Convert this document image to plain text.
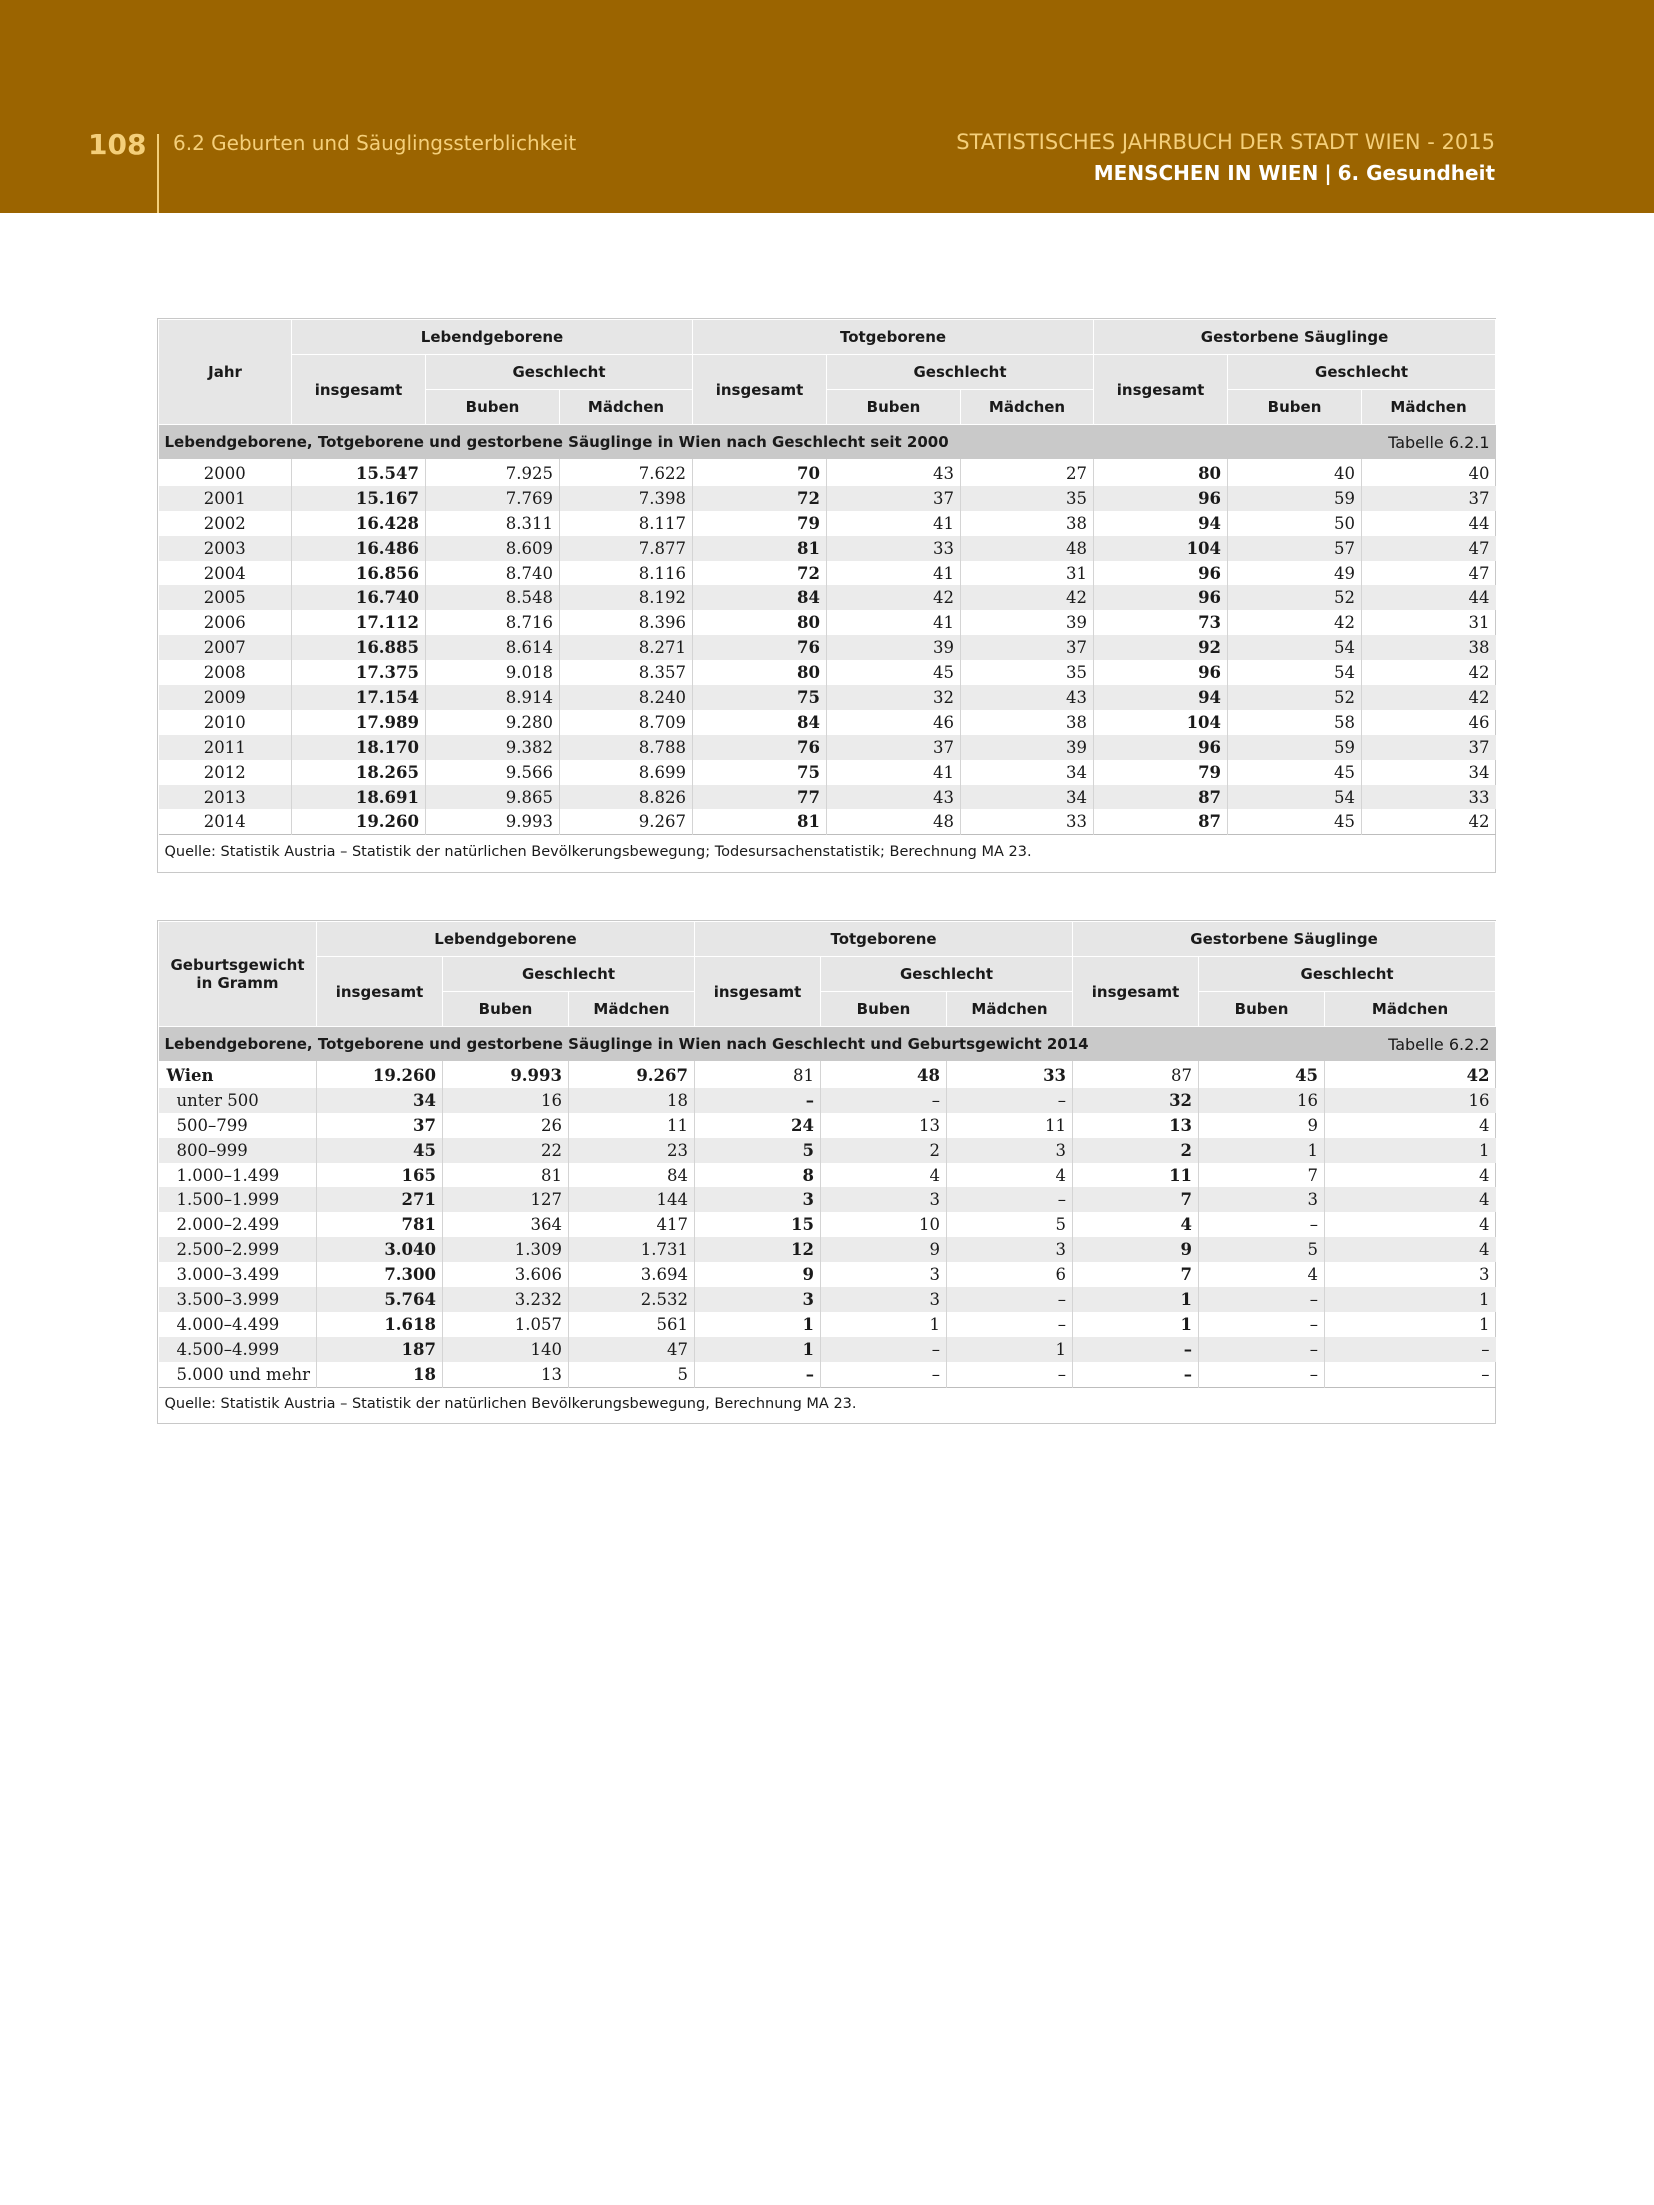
108 6.2 Geburten und Säuglingssterblichkeit	STATISTISCHES JAHRBUCH DER STADT WIEN - 2015
MENSCHEN IN WIEN | 6. Gesundheit
Lebendgeborene, Totgeborene und gestorbene Säuglinge in Wien nach Geschlecht seit 2000								Tabelle 6.2.1	
Jahr	Lebendgeborene			Totgeborene			Gestorbene Säuglinge		
	insgesamt	Geschlecht		insgesamt	Geschlecht		insgesamt	Geschlecht	
		Buben	Mädchen		Buben	Mädchen		Buben	Mädchen
2000	15.547	7.925	7.622	70	43	27	80	40	40
2001	15.167	7.769	7.398	72	37	35	96	59	37
2002	16.428	8.311	8.117	79	41	38	94	50	44
2003	16.486	8.609	7.877	81	33	48	104	57	47
2004	16.856	8.740	8.116	72	41	31	96	49	47
2005	16.740	8.548	8.192	84	42	42	96	52	44
2006	17.112	8.716	8.396	80	41	39	73	42	31
2007	16.885	8.614	8.271	76	39	37	92	54	38
2008	17.375	9.018	8.357	80	45	35	96	54	42
2009	17.154	8.914	8.240	75	32	43	94	52	42
2010	17.989	9.280	8.709	84	46	38	104	58	46
2011	18.170	9.382	8.788	76	37	39	96	59	37
2012	18.265	9.566	8.699	75	41	34	79	45	34
2013	18.691	9.865	8.826	77	43	34	87	54	33
2014	19.260	9.993	9.267	81	48	33	87	45	42
Quelle: Statistik Austria – Statistik der natürlichen Bevölkerungsbewegung; Todesursachenstatistik; Berechnung MA 23.									
Lebendgeborene, Totgeborene und gestorbene Säuglinge in Wien nach Geschlecht und Geburtsgewicht 2014								Tabelle 6.2.2	

Geburtsgewicht
in Gramm	Lebendgeborene			Totgeborene			Gestorbene Säuglinge		
	insgesamt	Geschlecht		insgesamt	Geschlecht		insgesamt	Geschlecht	
		Buben	Mädchen		Buben	Mädchen		Buben	Mädchen
Wien	19.260	9.993	9.267	81	48	33	87	45	42
unter 500	34	16	18	–	–	–	32	16	16
500–799	37	26	11	24	13	11	13	9	4
800–999	45	22	23	5	2	3	2	1	1
1.000–1.499	165	81	84	8	4	4	11	7	4
1.500–1.999	271	127	144	3	3	–	7	3	4
2.000–2.499	781	364	417	15	10	5	4	–	4
2.500–2.999	3.040	1.309	1.731	12	9	3	9	5	4
3.000–3.499	7.300	3.606	3.694	9	3	6	7	4	3
3.500–3.999	5.764	3.232	2.532	3	3	–	1	–	1
4.000–4.499	1.618	1.057	561	1	1	–	1	–	1
4.500–4.999	187	140	47	1	–	1	–	–	–
5.000 und mehr	18	13	5	–	–	–	–	–	–
Quelle: Statistik Austria – Statistik der natürlichen Bevölkerungsbewegung, Berechnung MA 23.									
